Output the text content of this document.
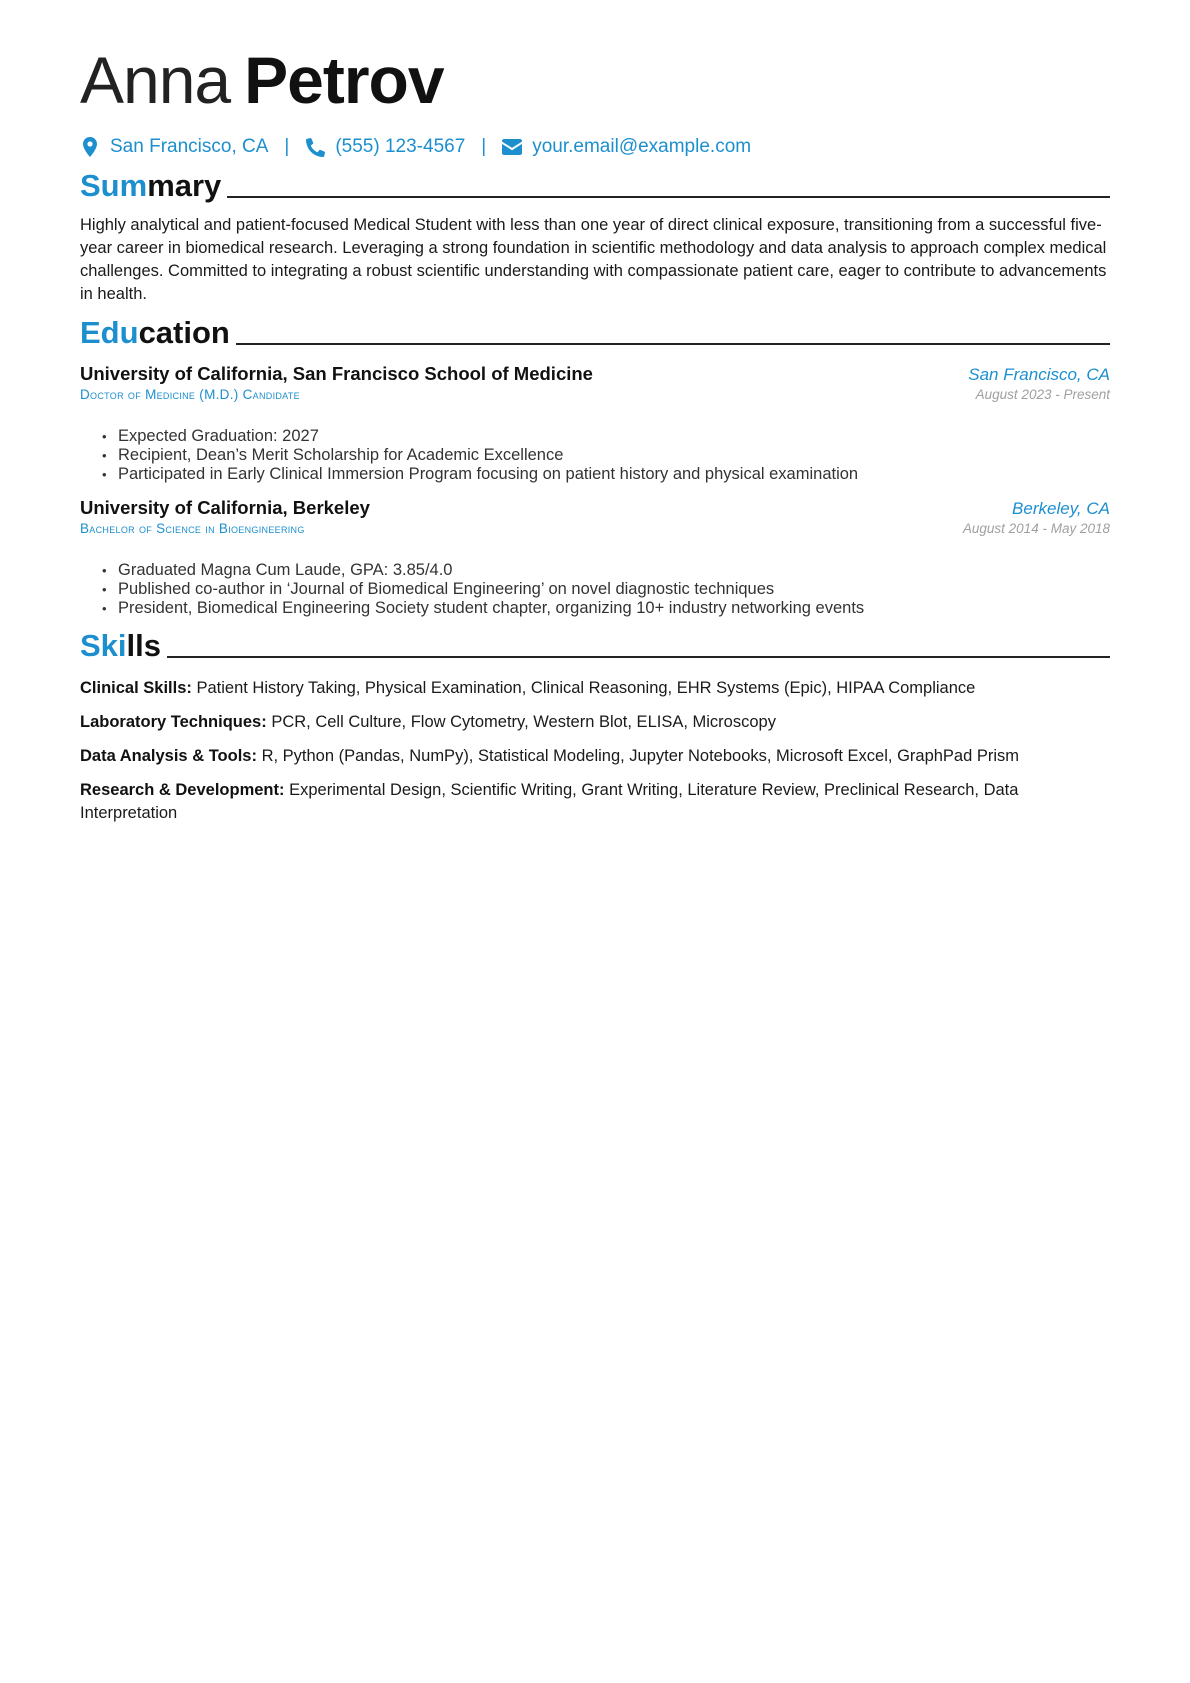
Anna Petrov
San Francisco, CA | (555) 123-4567 | your.email@example.com
Summary
Highly analytical and patient-focused Medical Student with less than one year of direct clinical exposure, transitioning from a successful five-year career in biomedical research. Leveraging a strong foundation in scientific methodology and data analysis to approach complex medical challenges. Committed to integrating a robust scientific understanding with compassionate patient care, eager to contribute to advancements in health.
Education
University of California, San Francisco School of Medicine	San Francisco, CA
Doctor of Medicine (M.D.) Candidate	August 2023 - Present
• Expected Graduation: 2027
• Recipient, Dean’s Merit Scholarship for Academic Excellence
• Participated in Early Clinical Immersion Program focusing on patient history and physical examination
University of California, Berkeley	Berkeley, CA
Bachelor of Science in Bioengineering	August 2014 - May 2018
• Graduated Magna Cum Laude, GPA: 3.85/4.0
• Published co-author in ‘Journal of Biomedical Engineering’ on novel diagnostic techniques
• President, Biomedical Engineering Society student chapter, organizing 10+ industry networking events
Skills
Clinical Skills: Patient History Taking, Physical Examination, Clinical Reasoning, EHR Systems (Epic), HIPAA Compliance
Laboratory Techniques: PCR, Cell Culture, Flow Cytometry, Western Blot, ELISA, Microscopy
Data Analysis & Tools: R, Python (Pandas, NumPy), Statistical Modeling, Jupyter Notebooks, Microsoft Excel, GraphPad Prism
Research & Development: Experimental Design, Scientific Writing, Grant Writing, Literature Review, Preclinical Research, Data Interpretation
